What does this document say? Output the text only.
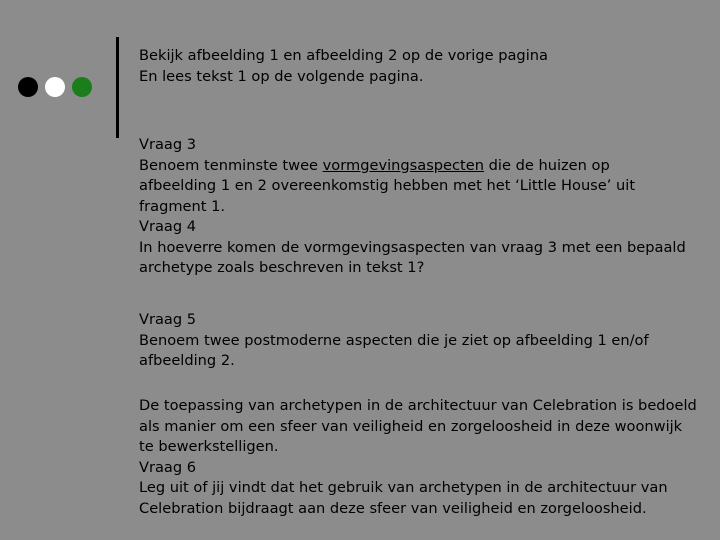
Bekijk afbeelding 1 en afbeelding 2 op de vorige pagina
En lees tekst 1 op de volgende pagina.
Vraag 3
Benoem tenminste twee vormgevingsaspecten die de huizen op
afbeelding 1 en 2 overeenkomstig hebben met het ‘Little House’ uit
fragment 1.
Vraag 4
In hoeverre komen de vormgevingsaspecten van vraag 3 met een bepaald
archetype zoals beschreven in tekst 1?
Vraag 5
Benoem twee postmoderne aspecten die je ziet op afbeelding 1 en/of
afbeelding 2.
De toepassing van archetypen in de architectuur van Celebration is bedoeld
als manier om een sfeer van veiligheid en zorgeloosheid in deze woonwijk
te bewerkstelligen.
Vraag 6
Leg uit of jij vindt dat het gebruik van archetypen in de architectuur van
Celebration bijdraagt aan deze sfeer van veiligheid en zorgeloosheid.
